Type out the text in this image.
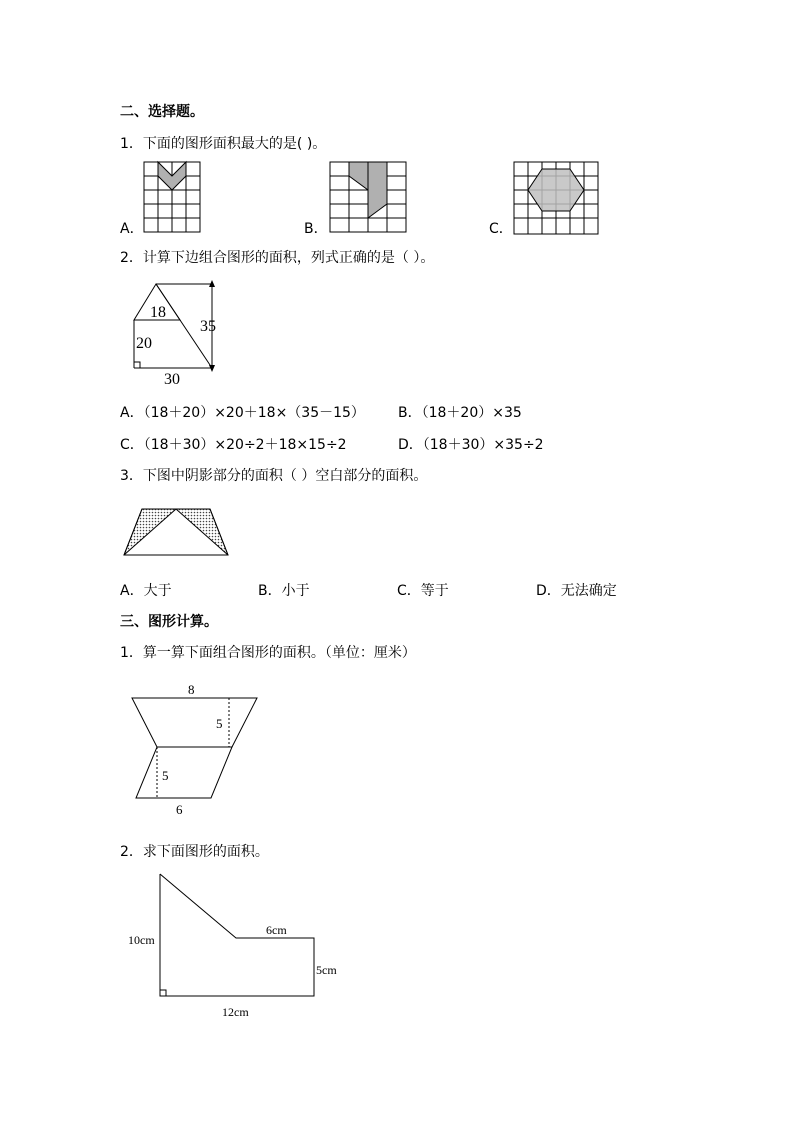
二、选择题。
1．下面的图形面积最大的是( )。
A．	B．	C．
2．计算下边组合图形的面积，列式正确的是（ ）。
18
20
35
30
A．（18＋20）×20＋18×（35－15） B．（18＋20）×35
C．（18＋30）×20÷2＋18×15÷2	D．（18＋30）×35÷2
3．下图中阴影部分的面积（ ）空白部分的面积。
A．大于	B．小于	C．等于	D．无法确定
三、图形计算。
1．算一算下面组合图形的面积。（单位：厘米）
8
5
5
6
2．求下面图形的面积。
10cm
6cm
5cm
12cm
